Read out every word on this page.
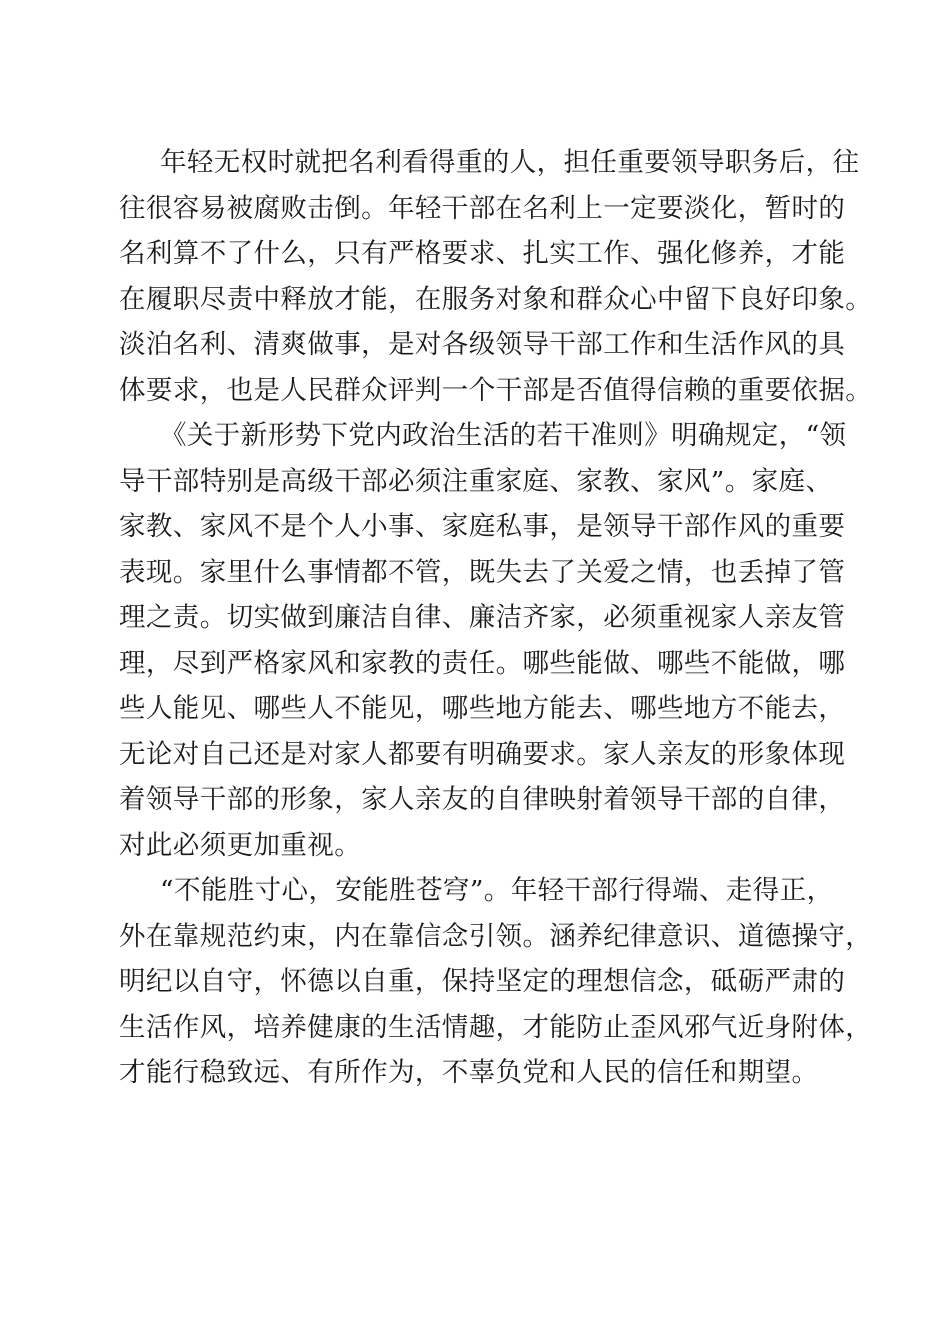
年轻无权时就把名利看得重的人，担任重要领导职务后，往
往很容易被腐败击倒。年轻干部在名利上一定要淡化，暂时的
名利算不了什么，只有严格要求、扎实工作、强化修养，才能
在履职尽责中释放才能，在服务对象和群众心中留下良好印象。
淡泊名利、清爽做事，是对各级领导干部工作和生活作风的具
体要求，也是人民群众评判一个干部是否值得信赖的重要依据。
《关于新形势下党内政治生活的若干准则》明确规定，“领
导干部特别是高级干部必须注重家庭、家教、家风”。家庭、
家教、家风不是个人小事、家庭私事，是领导干部作风的重要
表现。家里什么事情都不管，既失去了关爱之情，也丢掉了管
理之责。切实做到廉洁自律、廉洁齐家，必须重视家人亲友管
理，尽到严格家风和家教的责任。哪些能做、哪些不能做，哪
些人能见、哪些人不能见，哪些地方能去、哪些地方不能去，
无论对自己还是对家人都要有明确要求。家人亲友的形象体现
着领导干部的形象，家人亲友的自律映射着领导干部的自律，
对此必须更加重视。
“不能胜寸心，安能胜苍穹”。年轻干部行得端、走得正，
外在靠规范约束，内在靠信念引领。涵养纪律意识、道德操守，
明纪以自守，怀德以自重，保持坚定的理想信念，砥砺严肃的
生活作风，培养健康的生活情趣，才能防止歪风邪气近身附体，
才能行稳致远、有所作为，不辜负党和人民的信任和期望。
